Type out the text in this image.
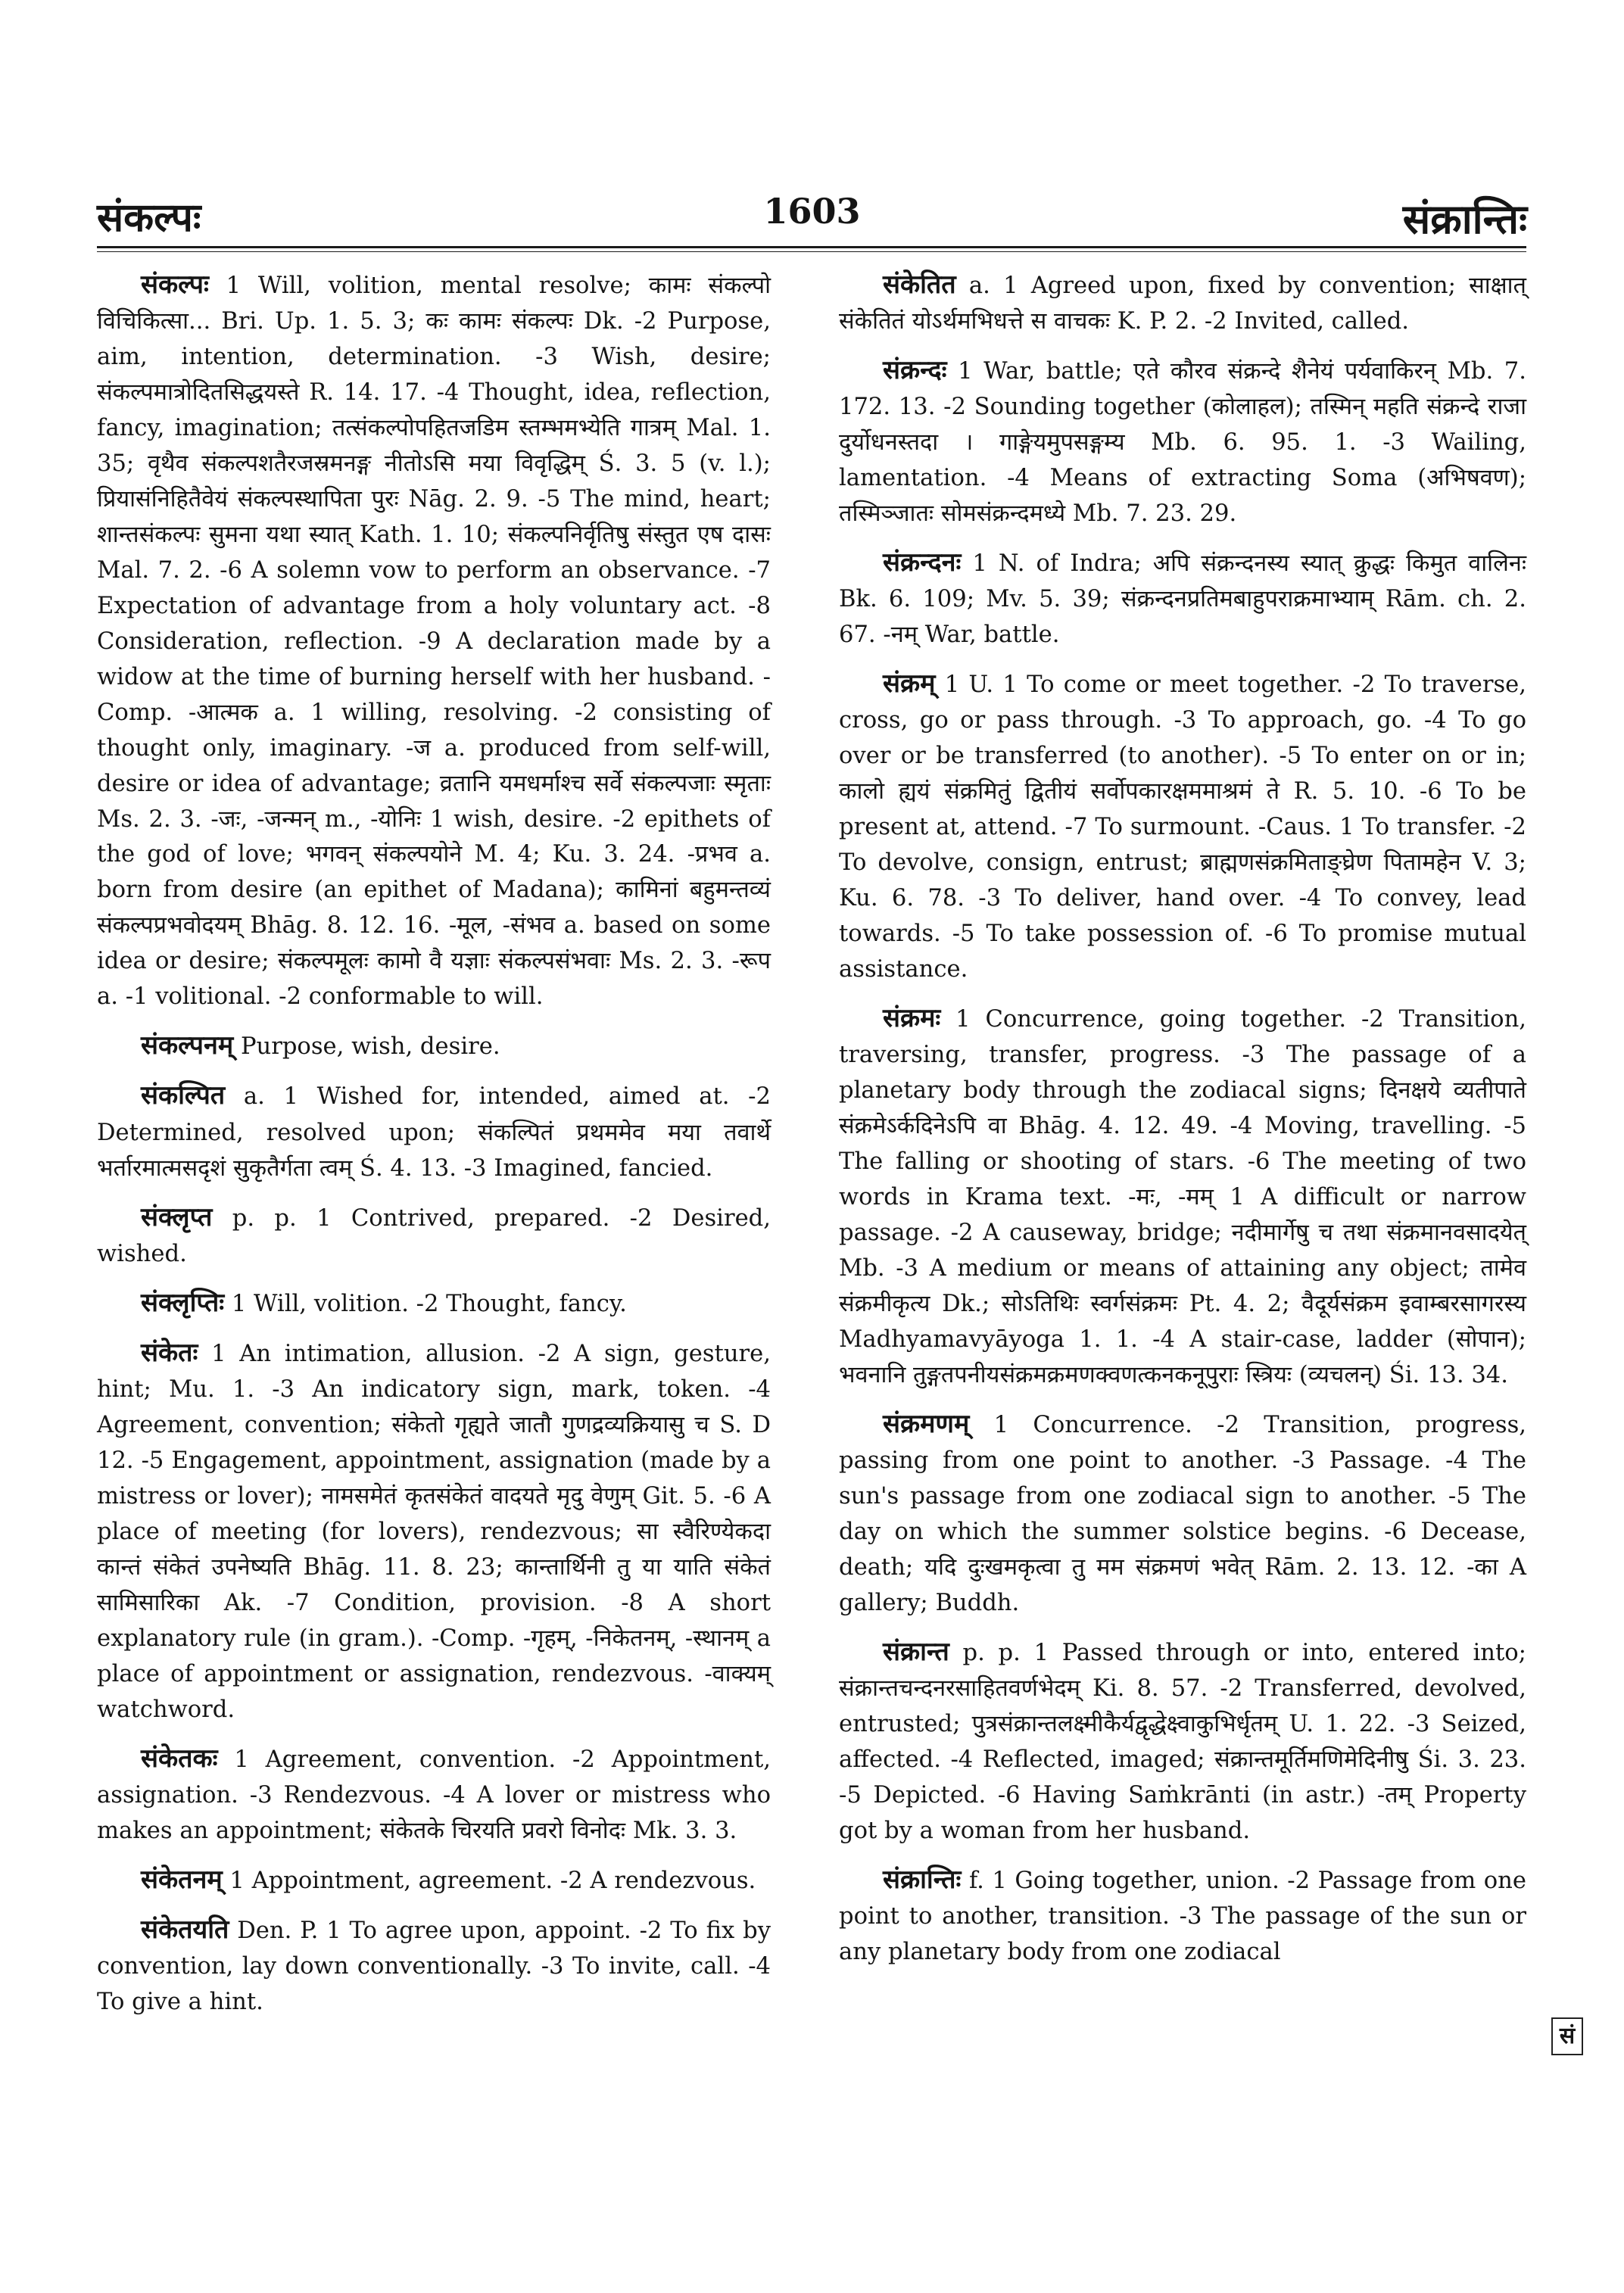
संकल्पः	1603	संक्रान्तिः

संकल्पः 1 Will, volition, mental resolve; कामः संकल्पो विचिकित्सा... Bri. Up. 1. 5. 3; कः कामः संकल्पः Dk. -2 Purpose, aim, intention, determination. -3 Wish, desire; संकल्पमात्रोदितसिद्धयस्ते R. 14. 17. -4 Thought, idea, reflection, fancy, imagination; तत्संकल्पोपहितजडिम स्तम्भमभ्येति गात्रम् Mal. 1. 35; वृथैव संकल्पशतैरजस्रमनङ्ग नीतोऽसि मया विवृद्धिम् Ś. 3. 5 (v. l.); प्रियासंनिहितैवेयं संकल्पस्थापिता पुरः Nāg. 2. 9. -5 The mind, heart; शान्तसंकल्पः सुमना यथा स्यात् Kath. 1. 10; संकल्पनिर्वृतिषु संस्तुत एष दासः Mal. 7. 2. -6 A solemn vow to perform an observance. -7 Expectation of advantage from a holy voluntary act. -8 Consideration, reflection. -9 A declaration made by a widow at the time of burning herself with her husband. -Comp. -आत्मक a. 1 willing, resolving. -2 consisting of thought only, imaginary. -ज a. produced from self-will, desire or idea of advantage; व्रतानि यमधर्माश्च सर्वे संकल्पजाः स्मृताः Ms. 2. 3. -जः, -जन्मन् m., -योनिः 1 wish, desire. -2 epithets of the god of love; भगवन् संकल्पयोने M. 4; Ku. 3. 24. -प्रभव a. born from desire (an epithet of Madana); कामिनां बहुमन्तव्यं संकल्पप्रभवोदयम् Bhāg. 8. 12. 16. -मूल, -संभव a. based on some idea or desire; संकल्पमूलः कामो वै यज्ञाः संकल्पसंभवाः Ms. 2. 3. -रूप a. -1 volitional. -2 conformable to will.

संकल्पनम् Purpose, wish, desire.

संकल्पित a. 1 Wished for, intended, aimed at. -2 Determined, resolved upon; संकल्पितं प्रथममेव मया तवार्थे भर्तारमात्मसदृशं सुकृतैर्गता त्वम् Ś. 4. 13. -3 Imagined, fancied.

संक्लृप्त p. p. 1 Contrived, prepared. -2 Desired, wished.

संक्लृप्तिः 1 Will, volition. -2 Thought, fancy.

संकेतः 1 An intimation, allusion. -2 A sign, gesture, hint; Mu. 1. -3 An indicatory sign, mark, token. -4 Agreement, convention; संकेतो गृह्यते जातौ गुणद्रव्यक्रियासु च S. D 12. -5 Engagement, appointment, assignation (made by a mistress or lover); नामसमेतं कृतसंकेतं वादयते मृदु वेणुम् Git. 5. -6 A place of meeting (for lovers), rendezvous; सा स्वैरिण्येकदा कान्तं संकेतं उपनेष्यति Bhāg. 11. 8. 23; कान्तार्थिनी तु या याति संकेतं सामिसारिका Ak. -7 Condition, provision. -8 A short explanatory rule (in gram.). -Comp. -गृहम्, -निकेतनम्, -स्थानम् a place of appointment or assignation, rendezvous. -वाक्यम् watchword.

संकेतकः 1 Agreement, convention. -2 Appointment, assignation. -3 Rendezvous. -4 A lover or mistress who makes an appointment; संकेतके चिरयति प्रवरो विनोदः Mk. 3. 3.

संकेतनम् 1 Appointment, agreement. -2 A rendezvous.

संकेतयति Den. P. 1 To agree upon, appoint. -2 To fix by convention, lay down conventionally. -3 To invite, call. -4 To give a hint.

संकेतित a. 1 Agreed upon, fixed by convention; साक्षात् संकेतितं योऽर्थमभिधत्ते स वाचकः K. P. 2. -2 Invited, called.

संक्रन्दः 1 War, battle; एते कौरव संक्रन्दे शैनेयं पर्यवाकिरन् Mb. 7. 172. 13. -2 Sounding together (कोलाहल); तस्मिन् महति संक्रन्दे राजा दुर्योधनस्तदा । गाङ्गेयमुपसङ्गम्य Mb. 6. 95. 1. -3 Wailing, lamentation. -4 Means of extracting Soma (अभिषवण); तस्मिञ्जातः सोमसंक्रन्दमध्ये Mb. 7. 23. 29.

संक्रन्दनः 1 N. of Indra; अपि संक्रन्दनस्य स्यात् क्रुद्धः किमुत वालिनः Bk. 6. 109; Mv. 5. 39; संक्रन्दनप्रतिमबाहुपराक्रमाभ्याम् Rām. ch. 2. 67. -नम् War, battle.

संक्रम् 1 U. 1 To come or meet together. -2 To traverse, cross, go or pass through. -3 To approach, go. -4 To go over or be transferred (to another). -5 To enter on or in; कालो ह्ययं संक्रमितुं द्वितीयं सर्वोपकारक्षममाश्रमं ते R. 5. 10. -6 To be present at, attend. -7 To surmount. -Caus. 1 To transfer. -2 To devolve, consign, entrust; ब्राह्मणसंक्रमिताङ्घ्रेण पितामहेन V. 3; Ku. 6. 78. -3 To deliver, hand over. -4 To convey, lead towards. -5 To take possession of. -6 To promise mutual assistance.

संक्रमः 1 Concurrence, going together. -2 Transition, traversing, transfer, progress. -3 The passage of a planetary body through the zodiacal signs; दिनक्षये व्यतीपाते संक्रमेऽर्कदिनेऽपि वा Bhāg. 4. 12. 49. -4 Moving, travelling. -5 The falling or shooting of stars. -6 The meeting of two words in Krama text. -मः, -मम् 1 A difficult or narrow passage. -2 A causeway, bridge; नदीमार्गेषु च तथा संक्रमानवसादयेत् Mb. -3 A medium or means of attaining any object; तामेव संक्रमीकृत्य Dk.; सोऽतिथिः स्वर्गसंक्रमः Pt. 4. 2; वैदूर्यसंक्रम इवाम्बरसागरस्य Madhyamavyāyoga 1. 1. -4 A stair-case, ladder (सोपान); भवनानि तुङ्गतपनीयसंक्रमक्रमणक्वणत्कनकनूपुराः स्त्रियः (व्यचलन्) Śi. 13. 34.

संक्रमणम् 1 Concurrence. -2 Transition, progress, passing from one point to another. -3 Passage. -4 The sun's passage from one zodiacal sign to another. -5 The day on which the summer solstice begins. -6 Decease, death; यदि दुःखमकृत्वा तु मम संक्रमणं भवेत् Rām. 2. 13. 12. -का A gallery; Buddh.

संक्रान्त p. p. 1 Passed through or into, entered into; संक्रान्तचन्दनरसाहितवर्णभेदम् Ki. 8. 57. -2 Transferred, devolved, entrusted; पुत्रसंक्रान्तलक्ष्मीकैर्यद्वृद्धेक्ष्वाकुभिर्धृतम् U. 1. 22. -3 Seized, affected. -4 Reflected, imaged; संक्रान्तमूर्तिमणिमेदिनीषु Śi. 3. 23. -5 Depicted. -6 Having Saṁkrānti (in astr.) -तम् Property got by a woman from her husband.

संक्रान्तिः f. 1 Going together, union. -2 Passage from one point to another, transition. -3 The passage of the sun or any planetary body from one zodiacal

सं
